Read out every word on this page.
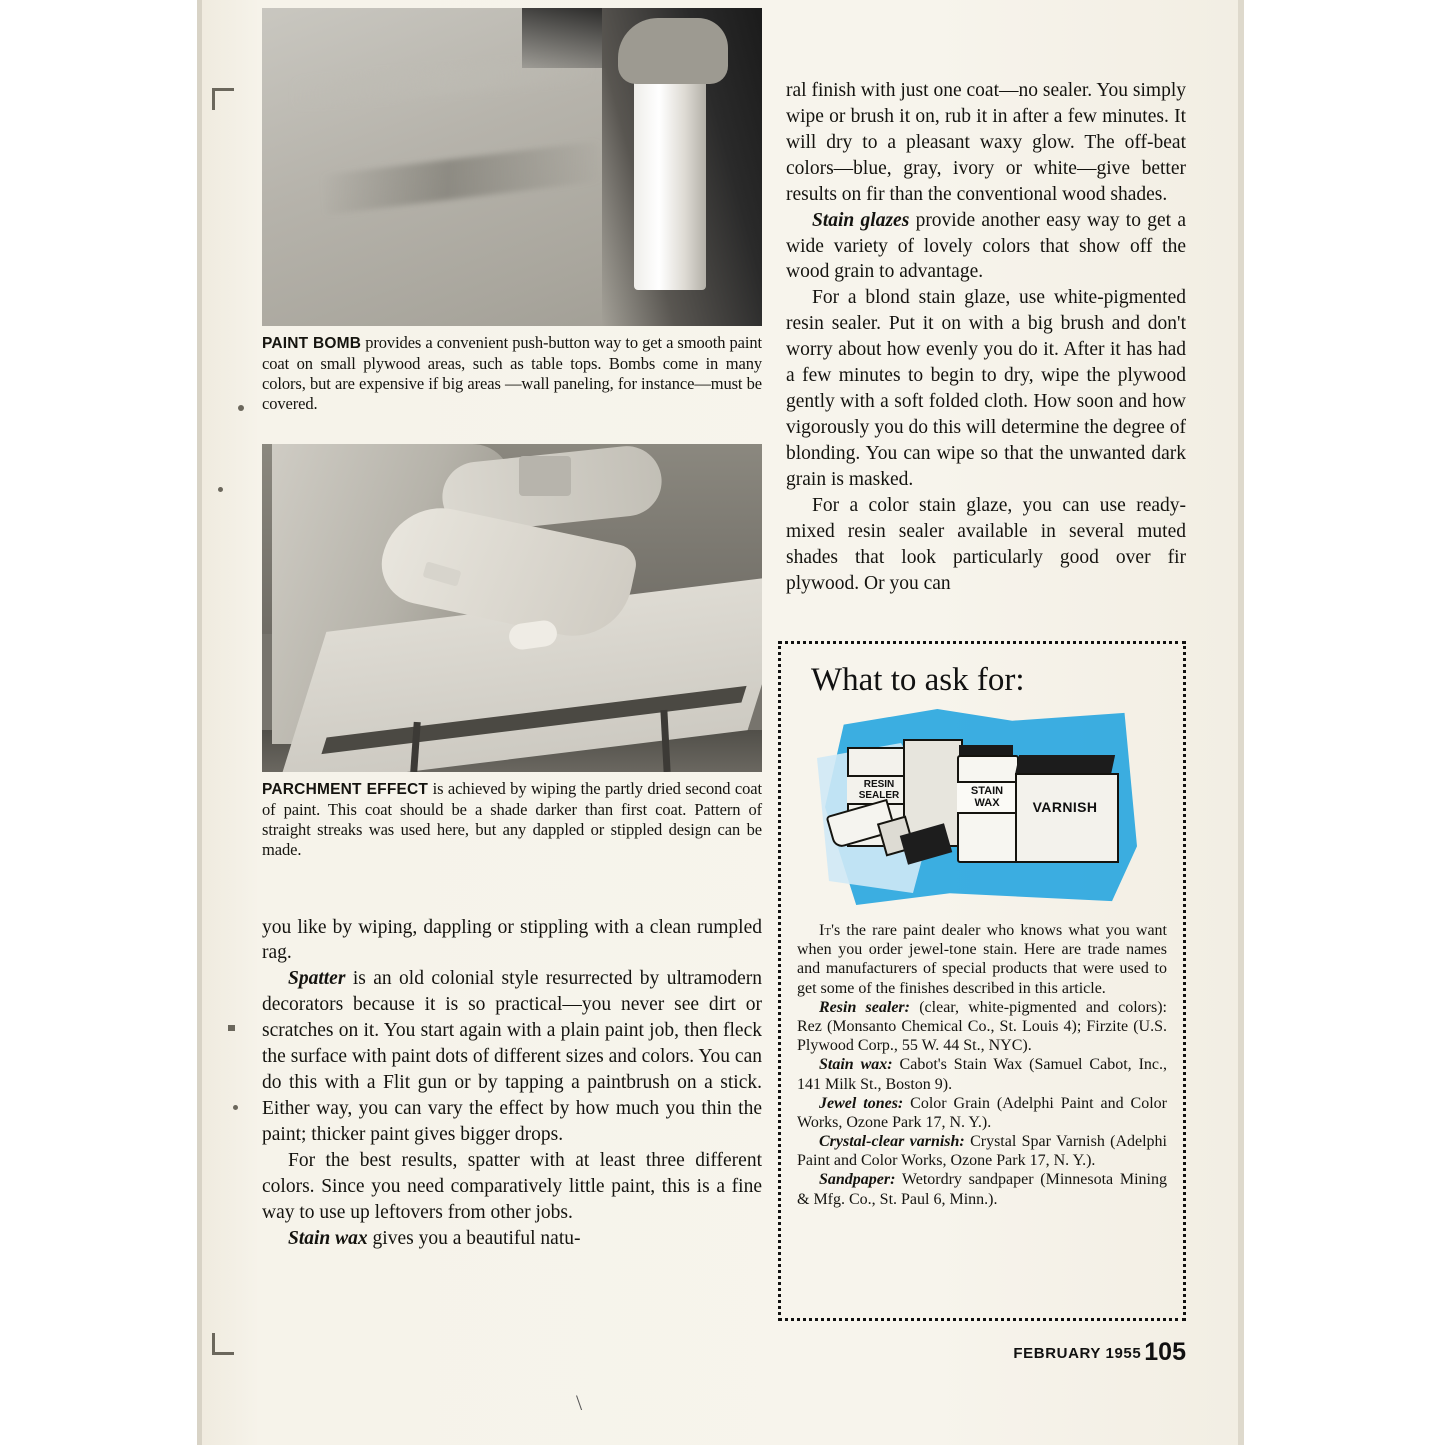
\
PAINT BOMB provides a convenient push-button way to get a smooth paint coat on small plywood areas, such as table tops. Bombs come in many colors, but are expensive if big areas —wall paneling, for instance—must be covered.
PARCHMENT EFFECT is achieved by wiping the partly dried second coat of paint. This coat should be a shade darker than first coat. Pattern of straight streaks was used here, but any dappled or stippled design can be made.

you like by wiping, dappling or stippling with a clean rumpled rag.

Spatter is an old colonial style resurrected by ultramodern decorators because it is so practical—you never see dirt or scratches on it. You start again with a plain paint job, then fleck the surface with paint dots of different sizes and colors. You can do this with a Flit gun or by tapping a paintbrush on a stick. Either way, you can vary the effect by how much you thin the paint; thicker paint gives bigger drops.

For the best results, spatter with at least three different colors. Since you need comparatively little paint, this is a fine way to use up leftovers from other jobs.

Stain wax gives you a beautiful natu-

ral finish with just one coat—no sealer. You simply wipe or brush it on, rub it in after a few minutes. It will dry to a pleasant waxy glow. The off-beat colors—blue, gray, ivory or white—give better results on fir than the conventional wood shades.

Stain glazes provide another easy way to get a wide variety of lovely colors that show off the wood grain to advantage.

For a blond stain glaze, use white-pigmented resin sealer. Put it on with a big brush and don't worry about how evenly you do it. After it has had a few minutes to begin to dry, wipe the plywood gently with a soft folded cloth. How soon and how vigorously you do this will determine the degree of blonding. You can wipe so that the unwanted dark grain is masked.

For a color stain glaze, you can use ready-mixed resin sealer available in several muted shades that look particularly good over fir plywood. Or you can

What to ask for:
RESIN SEALER	STAIN WAX	VARNISH

It's the rare paint dealer who knows what you want when you order jewel-tone stain. Here are trade names and manufacturers of special products that were used to get some of the finishes described in this article.

Resin sealer: (clear, white-pigmented and colors): Rez (Monsanto Chemical Co., St. Louis 4); Firzite (U.S. Plywood Corp., 55 W. 44 St., NYC).

Stain wax: Cabot's Stain Wax (Samuel Cabot, Inc., 141 Milk St., Boston 9).

Jewel tones: Color Grain (Adelphi Paint and Color Works, Ozone Park 17, N. Y.).

Crystal-clear varnish: Crystal Spar Varnish (Adelphi Paint and Color Works, Ozone Park 17, N. Y.).

Sandpaper: Wetordry sandpaper (Minnesota Mining & Mfg. Co., St. Paul 6, Minn.).

FEBRUARY 1955 105
